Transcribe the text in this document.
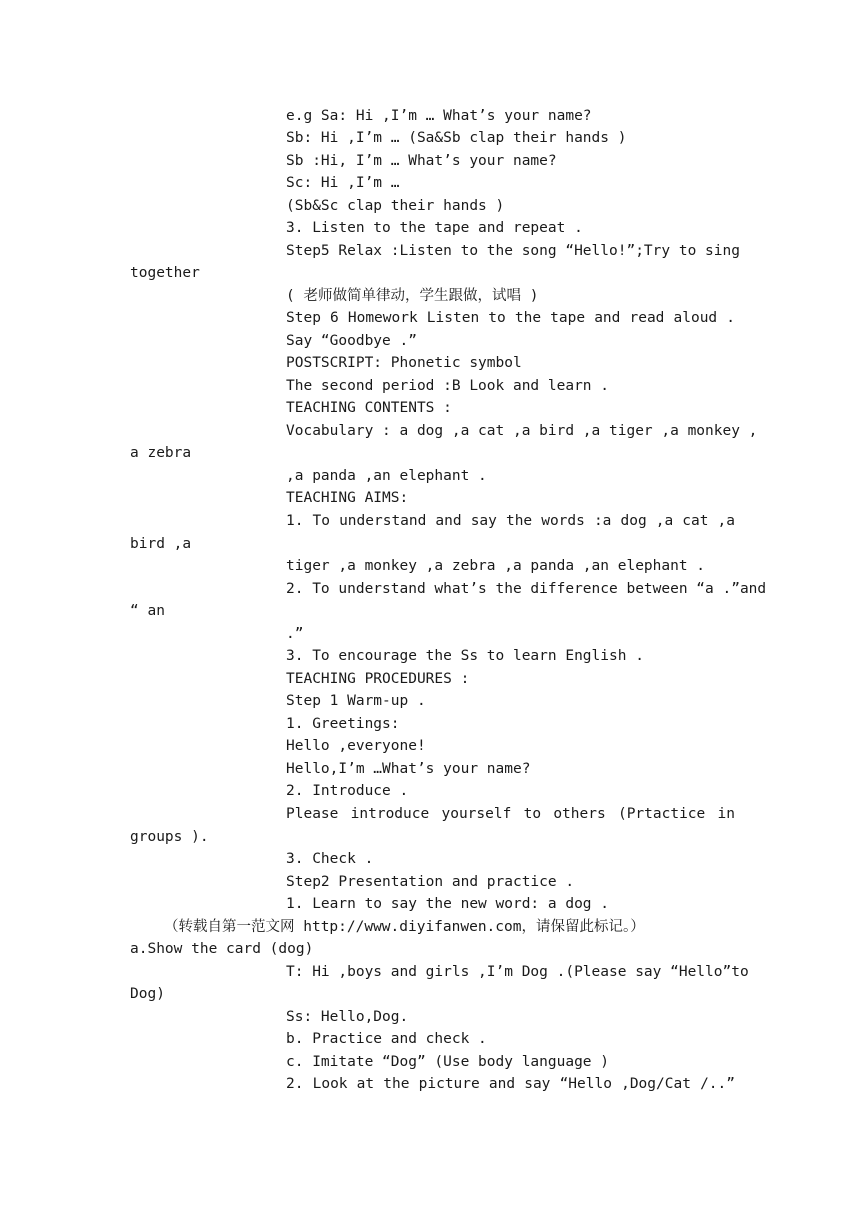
e.g Sa: Hi ,I’m … What’s your name?
Sb: Hi ,I’m … (Sa&Sb clap their hands )
Sb :Hi, I’m … What’s your name?
Sc: Hi ,I’m …
(Sb&Sc clap their hands )
3. Listen to the tape and repeat .
Step5 Relax :Listen to the song “Hello!”;Try to sing
together
( 老师做简单律动，学生跟做，试唱 )
Step 6 Homework Listen to the tape and read aloud .
Say “Goodbye .”
POSTSCRIPT: Phonetic symbol
The second period :B Look and learn .
TEACHING CONTENTS :
Vocabulary : a dog ,a cat ,a bird ,a tiger ,a monkey ,
a zebra
,a panda ,an elephant .
TEACHING AIMS:
1. To understand and say the words :a dog ,a cat ,a
bird ,a
tiger ,a monkey ,a zebra ,a panda ,an elephant .
2. To understand what’s the difference between “a .”and
“ an
.”
3. To encourage the Ss to learn English .
TEACHING PROCEDURES :
Step 1 Warm-up .
1. Greetings:
Hello ,everyone!
Hello,I’m …What’s your name?
2. Introduce .
Please introduce yourself to others (Prtactice in
groups ).
3. Check .
Step2 Presentation and practice .
1. Learn to say the new word: a dog .
（转载自第一范文网 http://www.diyifanwen.com，请保留此标记。）
a.Show the card (dog)
T: Hi ,boys and girls ,I’m Dog .(Please say “Hello”to
Dog)
Ss: Hello,Dog.
b. Practice and check .
c. Imitate “Dog” (Use body language )
2. Look at the picture and say “Hello ,Dog/Cat /..”
